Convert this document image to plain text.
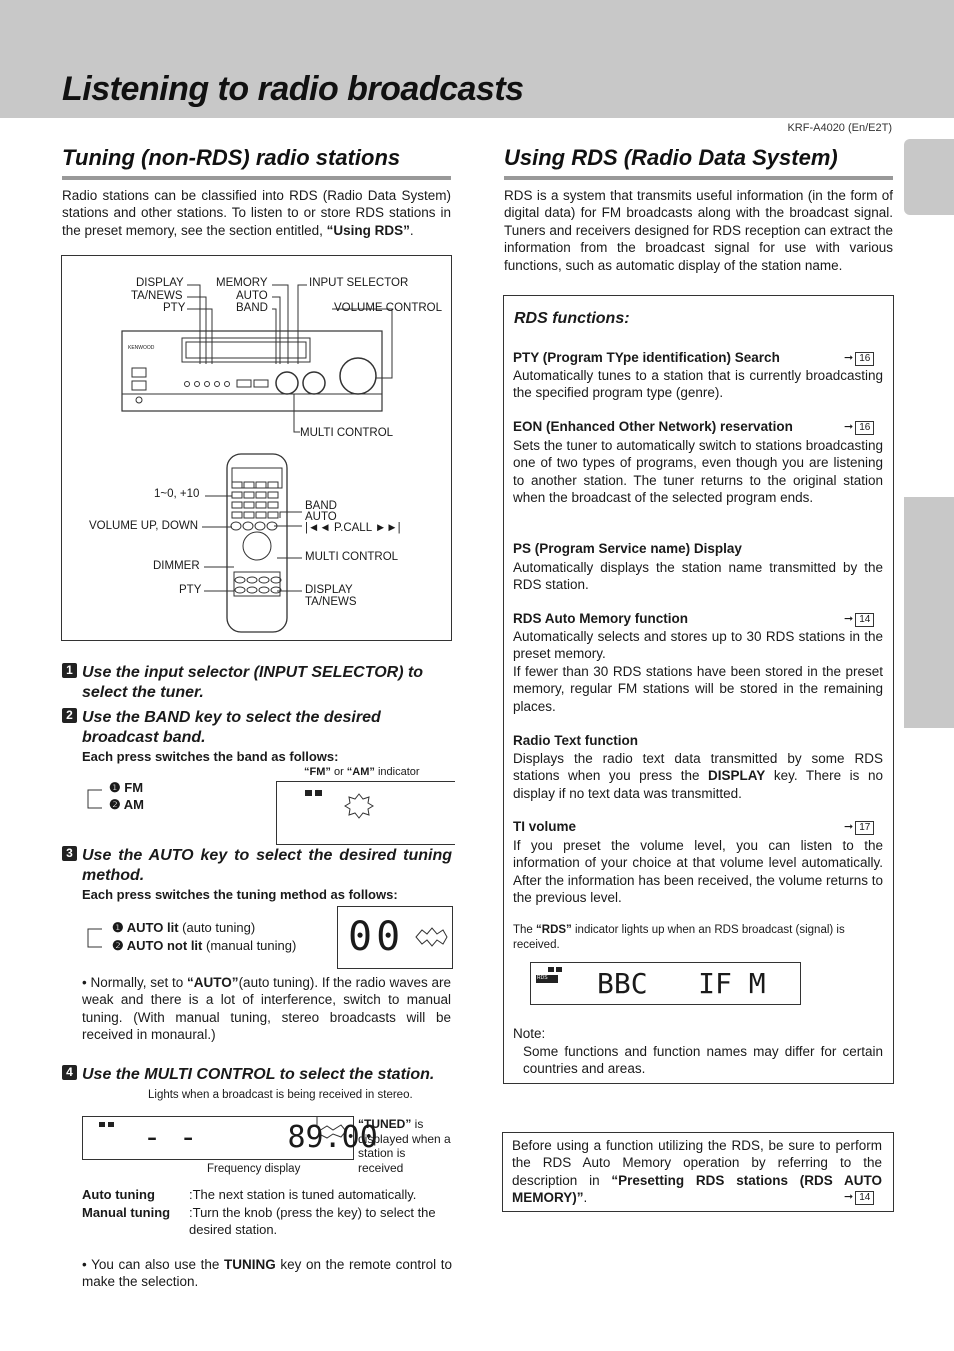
Listening to radio broadcasts
KRF-A4020 (En/E2T)
Tuning (non-RDS) radio stations

Radio stations can be classified into RDS (Radio Data System) stations and other stations. To listen to or store RDS stations in the preset memory, see the section entitled, “Using RDS”.

KENWOOD
DISPLAY
TA/NEWS
PTY
MEMORY
AUTO
BAND
INPUT SELECTOR
VOLUME CONTROL
MULTI CONTROL
1~0, +10
VOLUME UP, DOWN
DIMMER
PTY
BAND
AUTO
|◄◄ P.CALL ►►|
MULTI CONTROL
DISPLAY
TA/NEWS
1 Use the input selector (INPUT SELECTOR) to select the tuner.

2 Use the BAND key to select the desired broadcast band.

Each press switches the band as follows:
“FM” or “AM” indicator
❶ FM
❷ AM
3 Use the AUTO key to select the desired tuning method.

Each press switches the tuning method as follows:
❶ AUTO lit (auto tuning)
❷ AUTO not lit (manual tuning) 00

• Normally, set to “AUTO”(auto tuning). If the radio waves are weak and there is a lot of interference, switch to manual tuning. (With manual tuning, stereo broadcasts will be received in monaural.)

4 Use the MULTI CONTROL to select the station.

Lights when a broadcast is being received in stereo.
- -     89.00
Frequency display
“TUNED” is displayed when a station is received
Auto tuning	:The next station is tuned automatically.
Manual tuning :Turn the knob (press the key) to select the desired station.

• You can also use the TUNING key on the remote control to make the selection.

Using RDS (Radio Data System)

RDS is a system that transmits useful information (in the form of digital data) for FM broadcasts along with the broadcast signal. Tuners and receivers designed for RDS reception can extract the information from the broadcast signal for use with various functions, such as automatic display of the station name.

RDS functions:
PTY (Program TYpe identification) Search	➞ 16

Automatically tunes to a station that is currently broadcasting the specified program type (genre).

EON (Enhanced Other Network) reservation	➞ 16

Sets the tuner to automatically switch to stations broadcasting one of two types of programs, even though you are listening to another station. The tuner returns to the original station when the broadcast of the selected program ends.

PS (Program Service name) Display

Automatically displays the station name transmitted by the RDS station.

RDS Auto Memory function	➞ 14

Automatically selects and stores up to 30 RDS stations in the preset memory.
If fewer than 30 RDS stations have been stored in the preset memory, regular FM stations will be stored in the remaining places.

Radio Text function

Displays the radio text data transmitted by some RDS stations when you press the DISPLAY key. There is no display if no text data was transmitted.

TI volume	➞ 17

If you preset the volume level, you can listen to the information of your choice at that volume level automatically. After the information has been received, the volume returns to the previous level.

The “RDS” indicator lights up when an RDS broadcast (signal) is received.

RDS BBC   IF M
Note:

Some functions and function names may differ for certain countries and areas.

Before using a function utilizing the RDS, be sure to perform the RDS Auto Memory operation by referring to the description in “Presetting RDS stations (RDS AUTO MEMORY)”.	➞ 14
